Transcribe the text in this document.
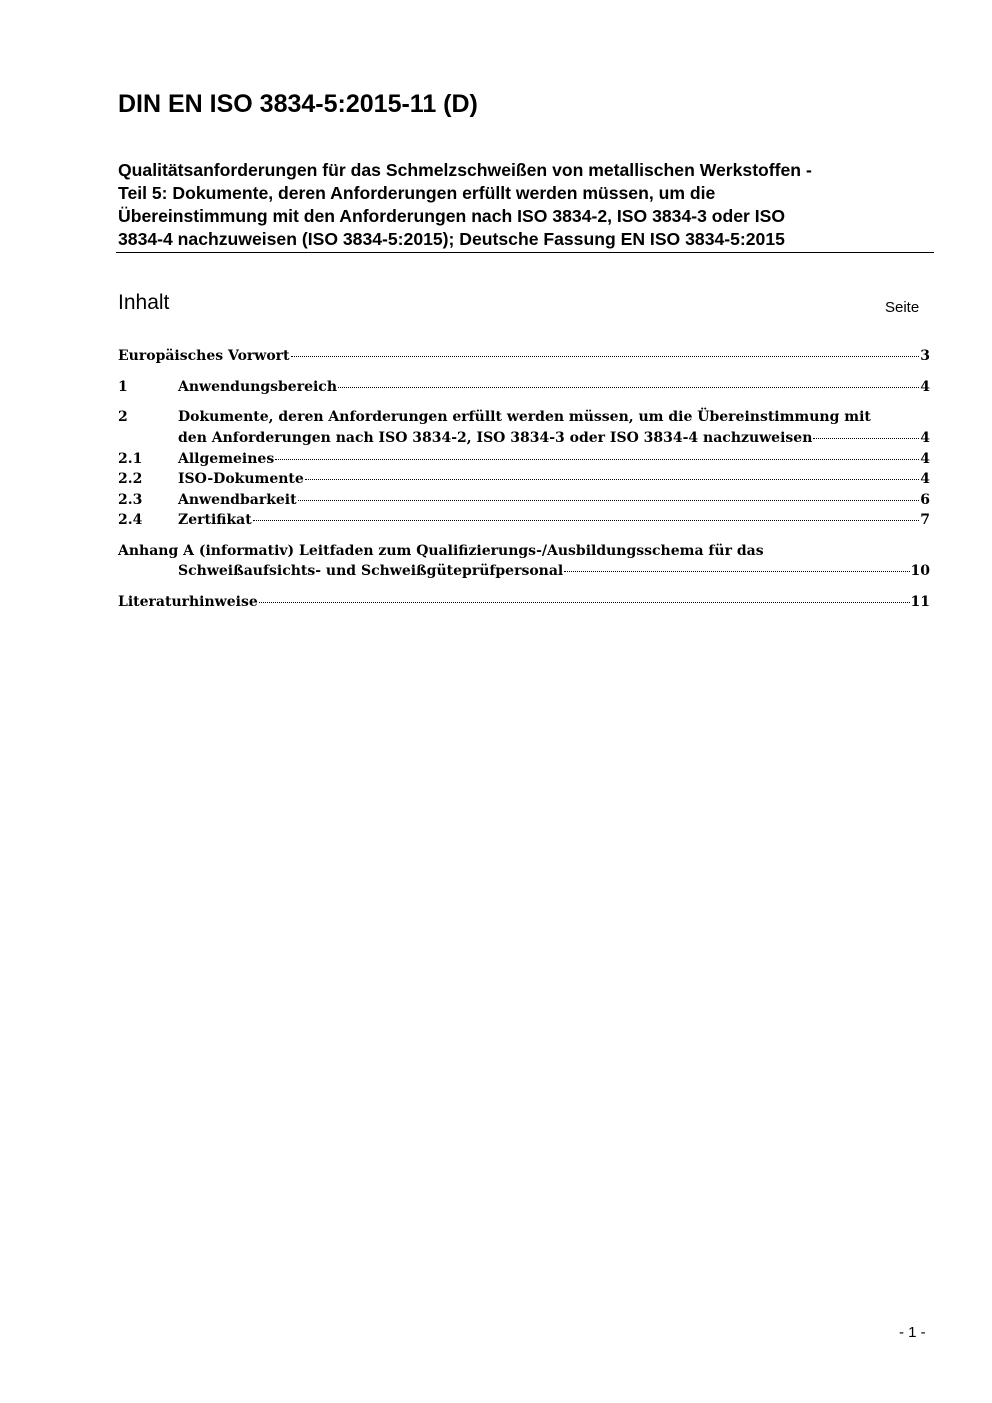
DIN EN ISO 3834-5:2015-11 (D)
Qualitätsanforderungen für das Schmelzschweißen von metallischen Werkstoffen -
Teil 5: Dokumente, deren Anforderungen erfüllt werden müssen, um die
Übereinstimmung mit den Anforderungen nach ISO 3834-2, ISO 3834-3 oder ISO
3834-4 nachzuweisen (ISO 3834-5:2015); Deutsche Fassung EN ISO 3834-5:2015
Inhalt	Seite
Europäisches Vorwort	3
1	Anwendungsbereich	4
2	Dokumente, deren Anforderungen erfüllt werden müssen, um die Übereinstimmung mit
den Anforderungen nach ISO 3834-2, ISO 3834-3 oder ISO 3834-4 nachzuweisen	4
2.1	Allgemeines	4
2.2	ISO-Dokumente	4
2.3	Anwendbarkeit	6
2.4	Zertifikat	7
Anhang A (informativ) Leitfaden zum Qualifizierungs-/Ausbildungsschema für das
Schweißaufsichts- und Schweißgüteprüfpersonal	10
Literaturhinweise	11
- 1 -
